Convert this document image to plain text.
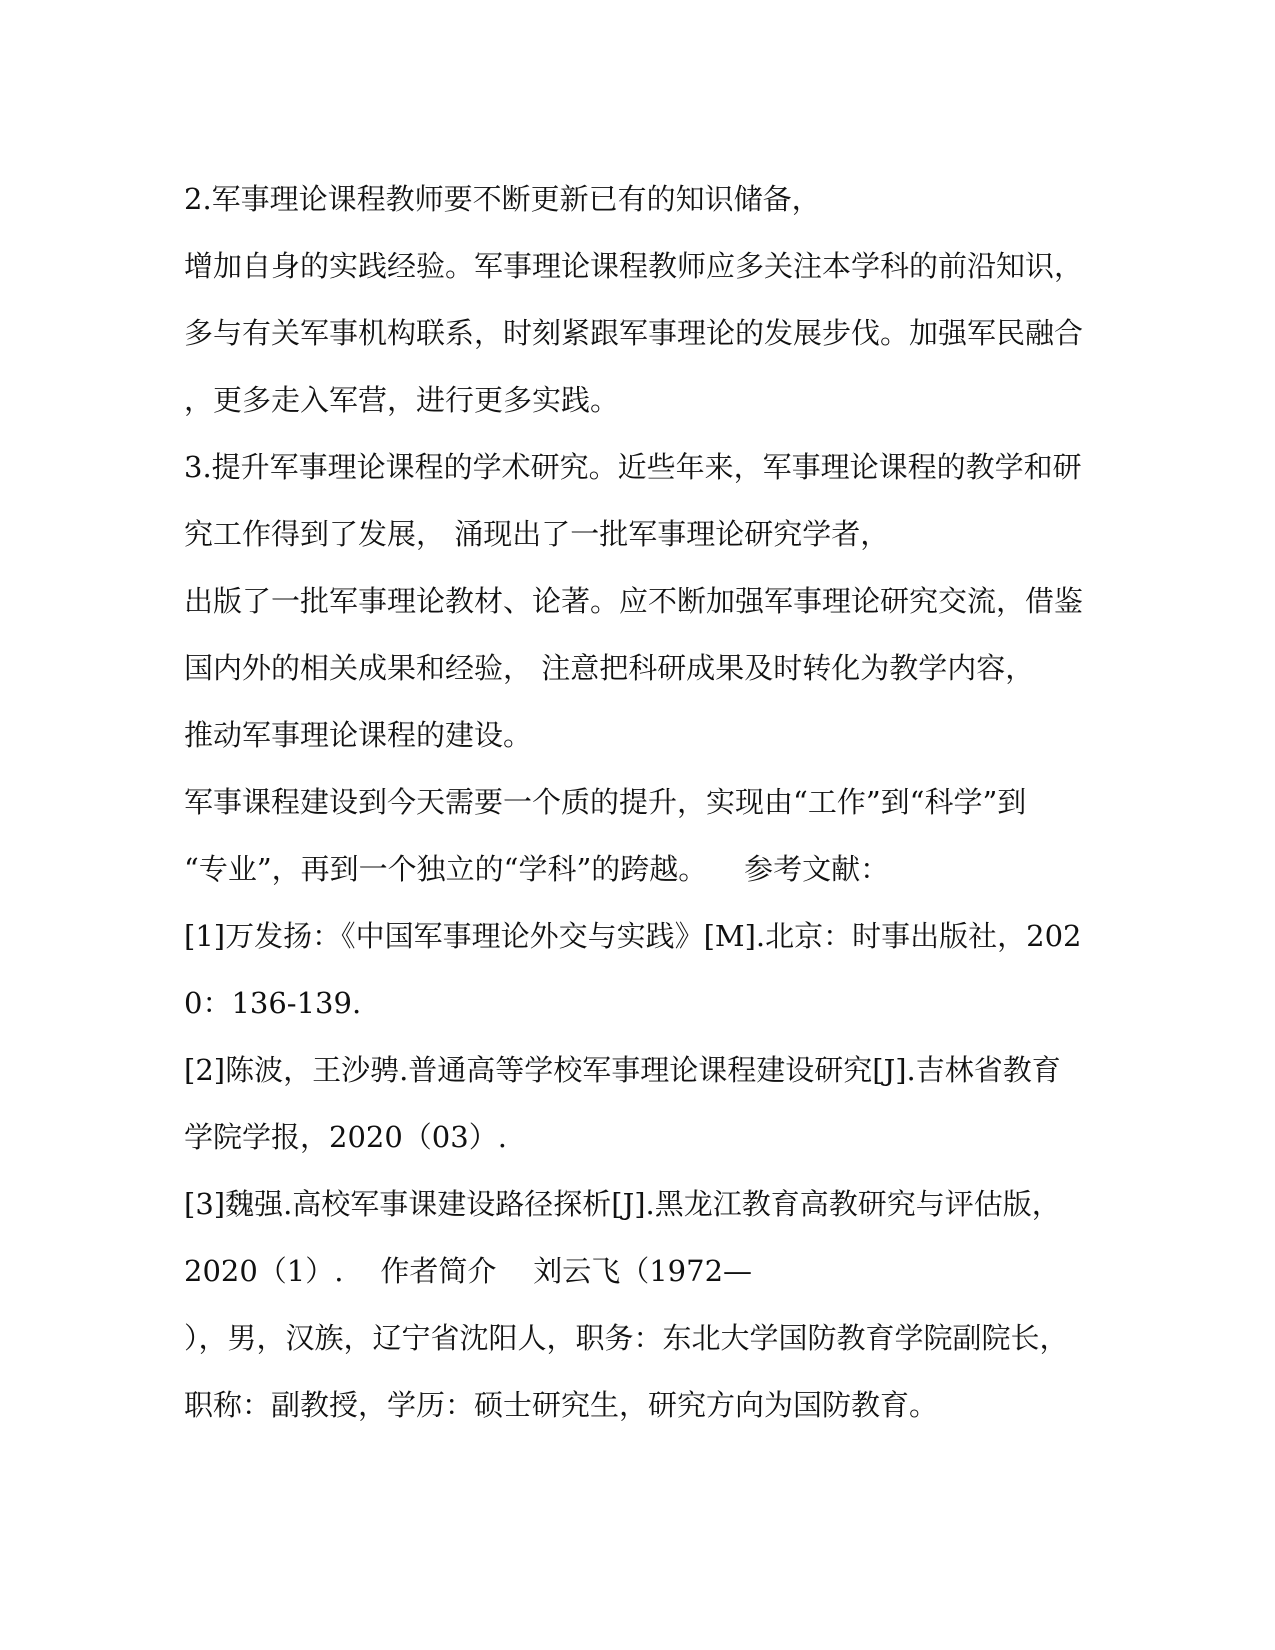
2.军事理论课程教师要不断更新已有的知识储备，
增加自身的实践经验。军事理论课程教师应多关注本学科的前沿知识，
多与有关军事机构联系，时刻紧跟军事理论的发展步伐。加强军民融合
，更多走入军营，进行更多实践。
3.提升军事理论课程的学术研究。近些年来，军事理论课程的教学和研
究工作得到了发展， 涌现出了一批军事理论研究学者，
出版了一批军事理论教材、论著。应不断加强军事理论研究交流，借鉴
国内外的相关成果和经验， 注意把科研成果及时转化为教学内容，
推动军事理论课程的建设。
军事课程建设到今天需要一个质的提升，实现由“工作”到“科学”到
“专业”，再到一个独立的“学科”的跨越。    参考文献：
[1]万发扬：《中国军事理论外交与实践》[M].北京：时事出版社，202
0：136-139.
[2]陈波，王沙骋.普通高等学校军事理论课程建设研究[J].吉林省教育
学院学报，2020（03）.
[3]魏强.高校军事课建设路径探析[J].黑龙江教育高教研究与评估版，
2020（1）.    作者简介    刘云飞（1972—
），男，汉族，辽宁省沈阳人，职务：东北大学国防教育学院副院长，
职称：副教授，学历：硕士研究生，研究方向为国防教育。
